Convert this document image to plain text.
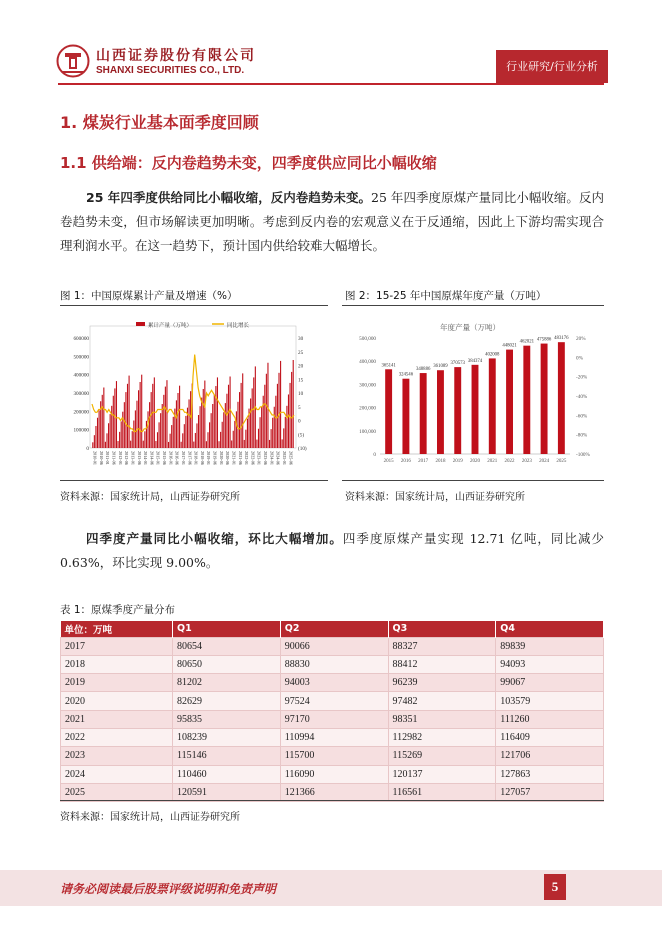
山西证券股份有限公司
SHANXI SECURITIES CO., LTD.	行业研究/行业分析
1. 煤炭行业基本面季度回顾
1.1 供给端：反内卷趋势未变，四季度供应同比小幅收缩
25 年四季度供给同比小幅收缩，反内卷趋势未变。25 年四季度原煤产量同比小幅收缩。反内卷趋势未变，但市场解读更加明晰。考虑到反内卷的宏观意义在于反通缩，因此上下游均需实现合理利润水平。在这一趋势下，预计国内供给较难大幅增长。
图 1：中国原煤累计产量及增速（%）	图 2：15-25 年中国原煤年度产量（万吨）
600000
500000
400000
300000
200000
100000
0
30
25
20
15
10
5
0
(5)
(10)
2010-01 2010-06 2011-01 2011-06 2012-01 2012-06 2013-01 2013-06 2014-01 2014-06 2015-01 2015-06 2016-01 2016-06 2017-01 2017-06 2018-01 2018-06 2019-01 2019-06 2020-01 2020-06 2021-01 2021-06 2022-01 2022-06 2023-01 2023-06 2024-01 2024-06 2025-01 2025-06
累计产量（万吨）	同比增长	年度产量（万吨）
500,000
400,000
300,000
200,000
100,000
0
20%
0%
-20%
-40%
-60%
-80%
-100%
365141
324546
348886
361089
370573 384374
402008
448021
462021 475886 483176
2015 2016 2017 2018 2019 2020 2021 2022 2023 2024 2025
资料来源：国家统计局，山西证券研究所	资料来源：国家统计局，山西证券研究所
四季度产量同比小幅收缩，环比大幅增加。四季度原煤产量实现 12.71 亿吨，同比减少 0.63%，环比实现 9.00%。
表 1：原煤季度产量分布
单位：万吨	Q1	Q2	Q3	Q4
2017	80654	90066	88327	89839
2018	80650	88830	88412	94093
2019	81202	94003	96239	99067
2020	82629	97524	97482	103579
2021	95835	97170	98351	111260
2022	108239	110994	112982	116409
2023	115146	115700	115269	121706
2024	110460	116090	120137	127863
2025	120591	121366	116561	127057
资料来源：国家统计局，山西证券研究所
请务必阅读最后股票评级说明和免责声明	5
